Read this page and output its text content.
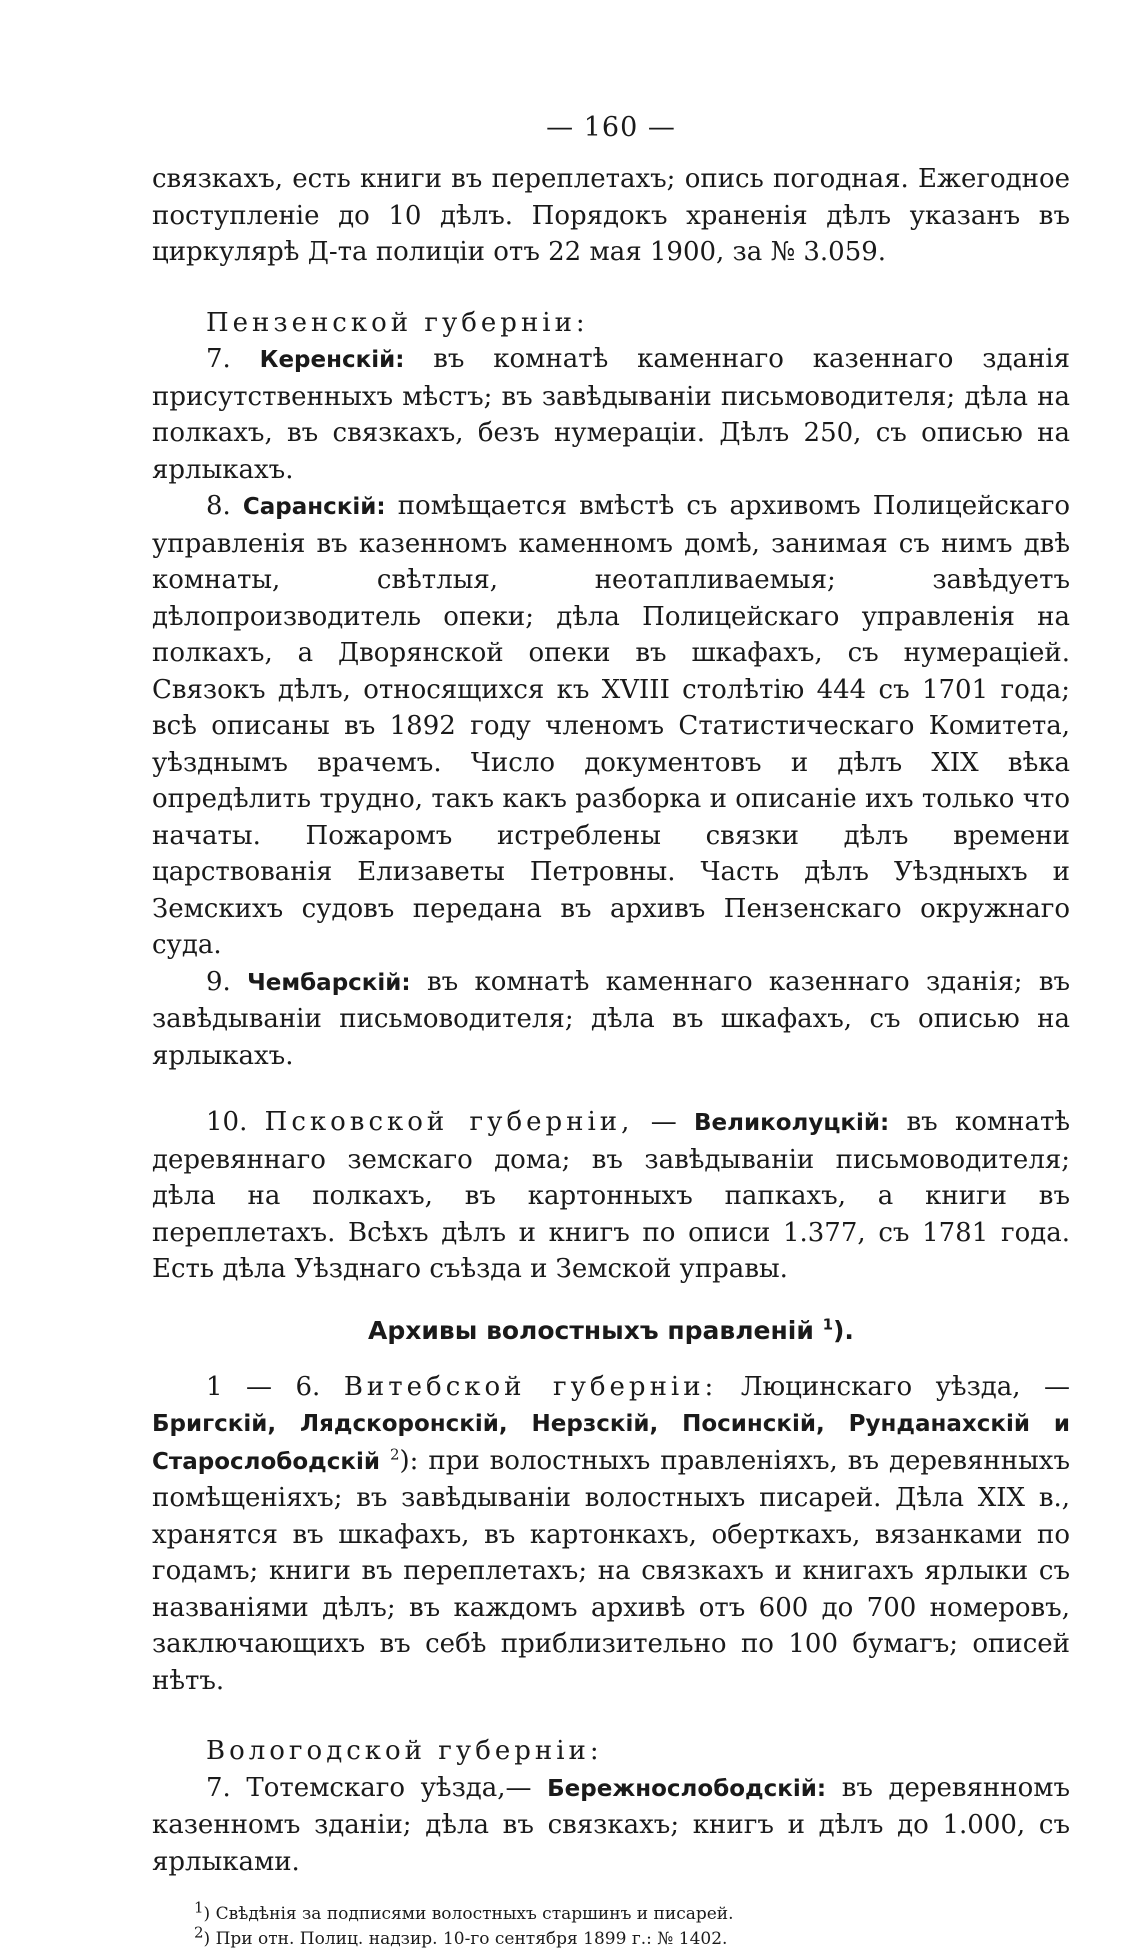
— 160 —

связкахъ, есть книги въ переплетахъ; опись погодная. Ежегодное поступленіе до 10 дѣлъ. Порядокъ храненія дѣлъ указанъ въ циркулярѣ Д-та полиціи отъ 22 мая 1900, за № 3.059.

Пензенской губерніи:

7. Керенскій: въ комнатѣ каменнаго казеннаго зданія присутственныхъ мѣстъ; въ завѣдываніи письмоводителя; дѣла на полкахъ, въ связкахъ, безъ нумераціи. Дѣлъ 250, съ описью на ярлыкахъ.

8. Саранскій: помѣщается вмѣстѣ съ архивомъ Полицейскаго управленія въ казенномъ каменномъ домѣ, занимая съ нимъ двѣ комнаты, свѣтлыя, неотапливаемыя; завѣдуетъ дѣлопроизводитель опеки; дѣла Полицейскаго управленія на полкахъ, а Дворянской опеки въ шкафахъ, съ нумераціей. Связокъ дѣлъ, относящихся къ XVIII столѣтію 444 съ 1701 года; всѣ описаны въ 1892 году членомъ Статистическаго Комитета, уѣзднымъ врачемъ. Число документовъ и дѣлъ XIX вѣка опредѣлить трудно, такъ какъ разборка и описаніе ихъ только что начаты. Пожаромъ истреблены связки дѣлъ времени царствованія Елизаветы Петровны. Часть дѣлъ Уѣздныхъ и Земскихъ судовъ передана въ архивъ Пензенскаго окружнаго суда.

9. Чембарскій: въ комнатѣ каменнаго казеннаго зданія; въ завѣдываніи письмоводителя; дѣла въ шкафахъ, съ описью на ярлыкахъ.

10. Псковской губерніи, — Великолуцкій: въ комнатѣ деревяннаго земскаго дома; въ завѣдываніи письмоводителя; дѣла на полкахъ, въ картонныхъ папкахъ, а книги въ переплетахъ. Всѣхъ дѣлъ и книгъ по описи 1.377, съ 1781 года. Есть дѣла Уѣзднаго съѣзда и Земской управы.

Архивы волостныхъ правленій $^1$).

1 — 6. Витебской губерніи: Люцинскаго уѣзда, — Бригскій, Лядскоронскій, Нерзскій, Посинскій, Рунданахскій и Старослободскій $^2$): при волостныхъ правленіяхъ, въ деревянныхъ помѣщеніяхъ; въ завѣдываніи волостныхъ писарей. Дѣла XIX в., хранятся въ шкафахъ, въ картонкахъ, оберткахъ, вязанками по годамъ; книги въ переплетахъ; на связкахъ и книгахъ ярлыки съ названіями дѣлъ; въ каждомъ архивѣ отъ 600 до 700 номеровъ, заключающихъ въ себѣ приблизительно по 100 бумагъ; описей нѣтъ.

Вологодской губерніи:

7. Тотемскаго уѣзда,— Бережнослободскій: въ деревянномъ казенномъ зданіи; дѣла въ связкахъ; книгъ и дѣлъ до 1.000, съ ярлыками.

$^1$) Свѣдѣнія за подписями волостныхъ старшинъ и писарей.

$^2$) При отн. Полиц. надзир. 10-го сентября 1899 г.: № 1402.
